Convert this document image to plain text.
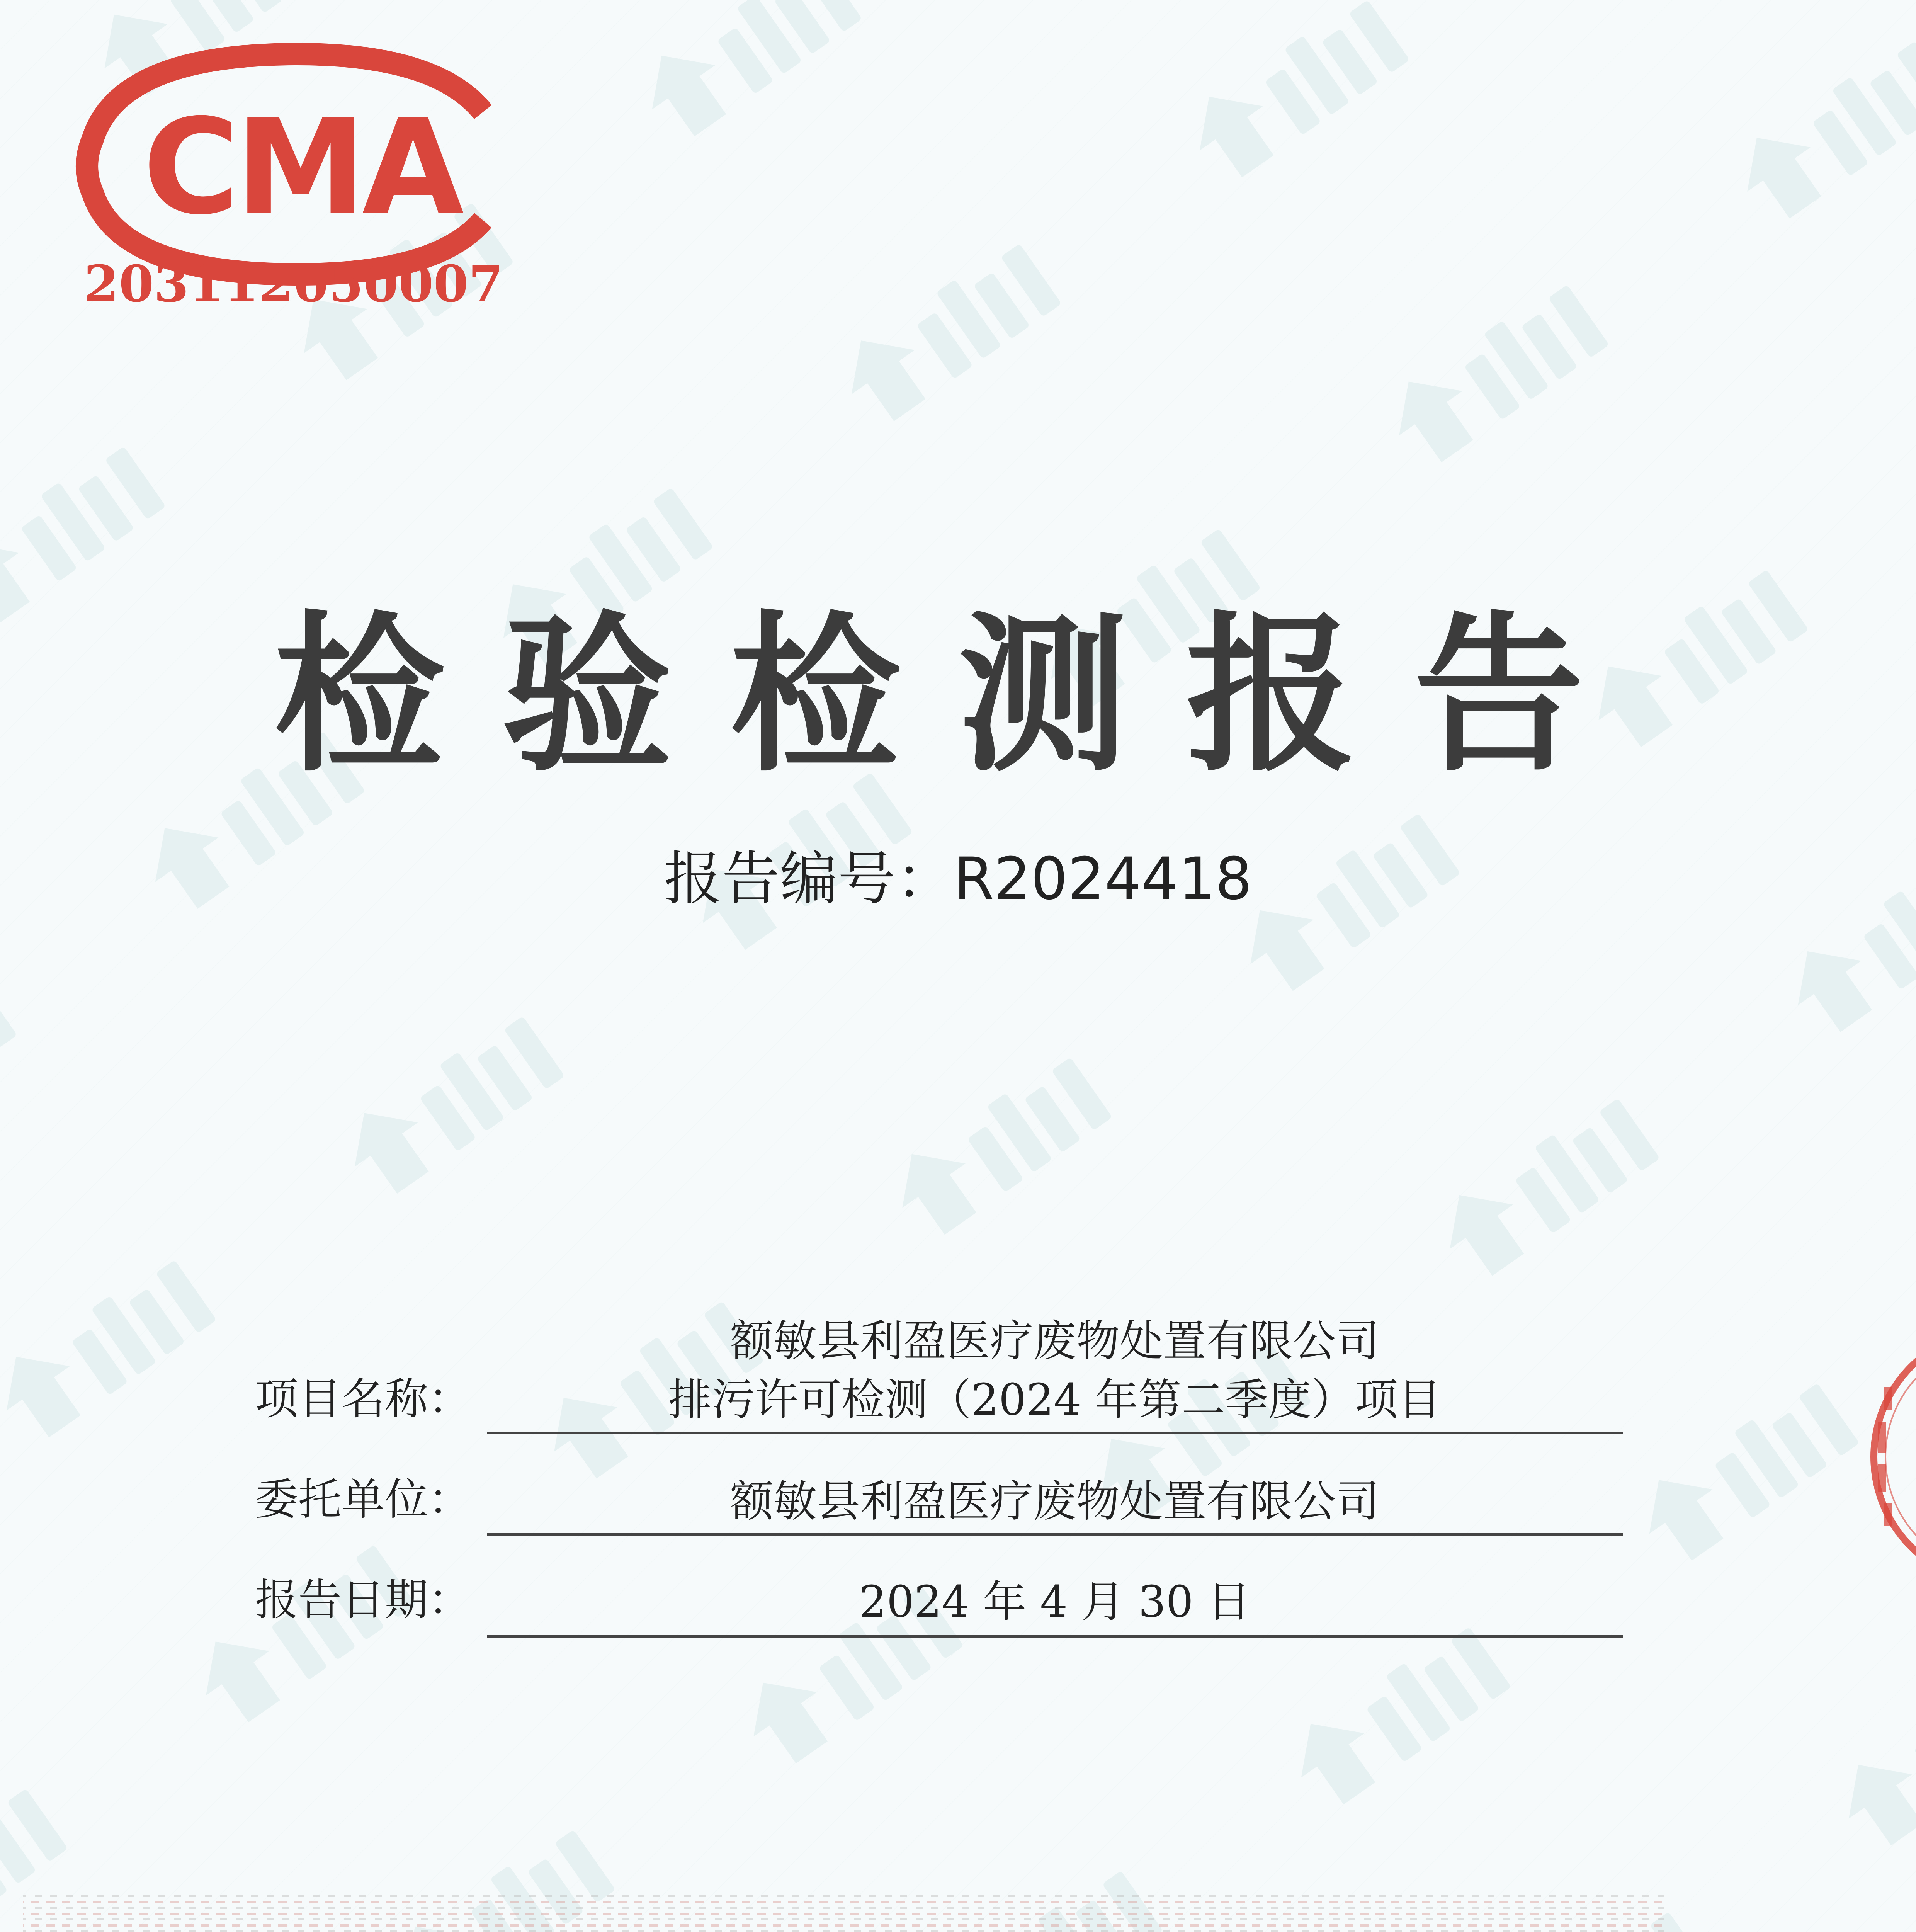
CMA
203112050007
检验检测报告
报告编号：R2024418
项目名称：
额敏县利盈医疗废物处置有限公司
排污许可检测（2024 年第二季度）项目
委托单位：	额敏县利盈医疗废物处置有限公司
报告日期：	2024 年 4 月 30 日
